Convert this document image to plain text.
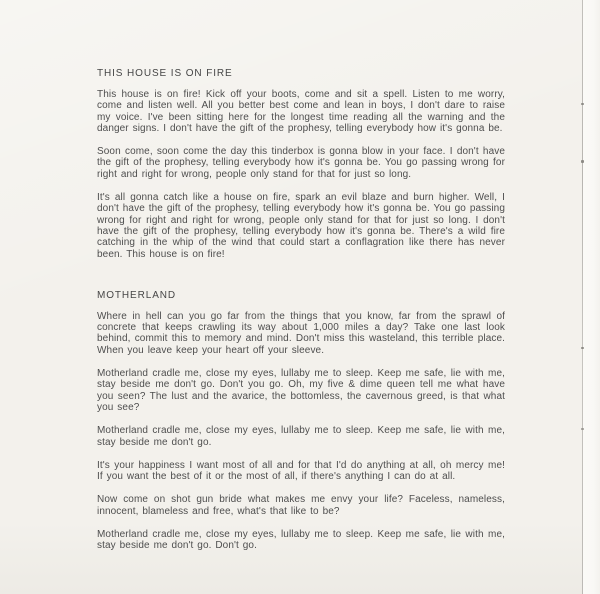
THIS HOUSE IS ON FIRE

This house is on fire! Kick off your boots, come and sit a spell. Listen to me worry, come and listen well. All you better best come and lean in boys, I don't dare to raise my voice. I've been sitting here for the longest time reading all the warning and the danger signs. I don't have the gift of the prophesy, telling everybody how it's gonna be.

Soon come, soon come the day this tinderbox is gonna blow in your face. I don't have the gift of the prophesy, telling everybody how it's gonna be. You go passing wrong for right and right for wrong, people only stand for that for just so long.

It's all gonna catch like a house on fire, spark an evil blaze and burn higher. Well, I don't have the gift of the prophesy, telling everybody how it's gonna be. You go passing wrong for right and right for wrong, people only stand for that for just so long. I don't have the gift of the prophesy, telling everybody how it's gonna be. There's a wild fire catching in the whip of the wind that could start a conflagration like there has never been. This house is on fire!

MOTHERLAND

Where in hell can you go far from the things that you know, far from the sprawl of concrete that keeps crawling its way about 1,000 miles a day? Take one last look behind, commit this to memory and mind. Don't miss this wasteland, this terrible place. When you leave keep your heart off your sleeve.

Motherland cradle me, close my eyes, lullaby me to sleep. Keep me safe, lie with me, stay beside me don't go. Don't you go. Oh, my five & dime queen tell me what have you seen? The lust and the avarice, the bottomless, the cavernous greed, is that what you see?

Motherland cradle me, close my eyes, lullaby me to sleep. Keep me safe, lie with me, stay beside me don't go.

It's your happiness I want most of all and for that I'd do anything at all, oh mercy me! If you want the best of it or the most of all, if there's anything I can do at all.

Now come on shot gun bride what makes me envy your life? Faceless, nameless, innocent, blameless and free, what's that like to be?

Motherland cradle me, close my eyes, lullaby me to sleep. Keep me safe, lie with me, stay beside me don't go. Don't go.
